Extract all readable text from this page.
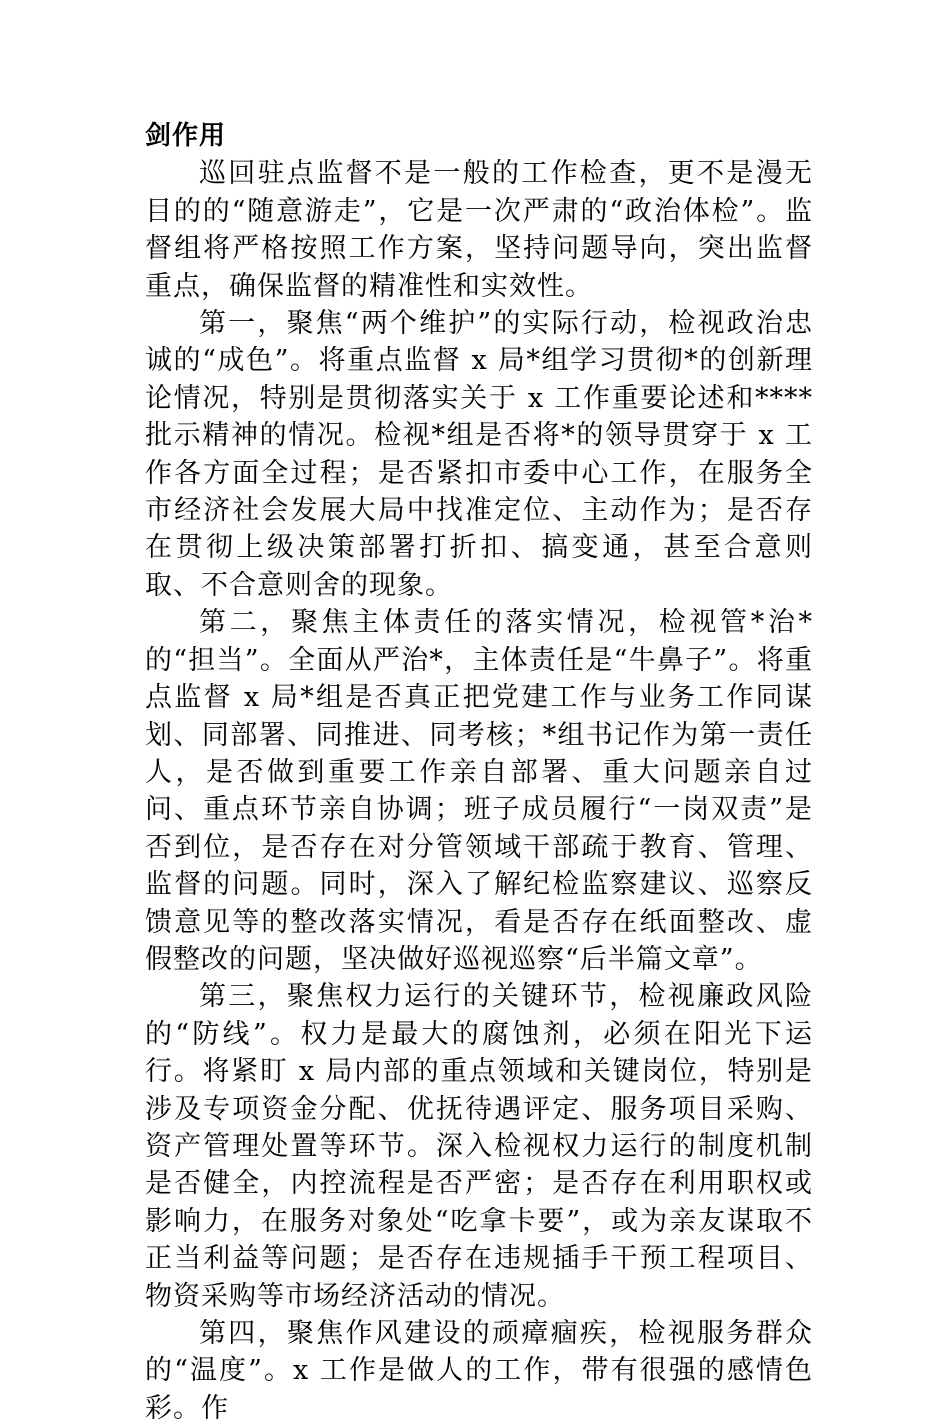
剑作用

巡回驻点监督不是一般的工作检查，更不是漫无目的的“随意游走”，它是一次严肃的“政治体检”。监督组将严格按照工作方案，坚持问题导向，突出监督重点，确保监督的精准性和实效性。

第一，聚焦“两个维护”的实际行动，检视政治忠诚的“成色”。将重点监督 x 局*组学习贯彻*的创新理论情况，特别是贯彻落实关于 x 工作重要论述和****批示精神的情况。检视*组是否将*的领导贯穿于 x 工作各方面全过程；是否紧扣市委中心工作，在服务全市经济社会发展大局中找准定位、主动作为；是否存在贯彻上级决策部署打折扣、搞变通，甚至合意则取、不合意则舍的现象。

第二，聚焦主体责任的落实情况，检视管*治*的“担当”。全面从严治*，主体责任是“牛鼻子”。将重点监督 x 局*组是否真正把党建工作与业务工作同谋划、同部署、同推进、同考核；*组书记作为第一责任人，是否做到重要工作亲自部署、重大问题亲自过问、重点环节亲自协调；班子成员履行“一岗双责”是否到位，是否存在对分管领域干部疏于教育、管理、监督的问题。同时，深入了解纪检监察建议、巡察反馈意见等的整改落实情况，看是否存在纸面整改、虚假整改的问题，坚决做好巡视巡察“后半篇文章”。

第三，聚焦权力运行的关键环节，检视廉政风险的“防线”。权力是最大的腐蚀剂，必须在阳光下运行。将紧盯 x 局内部的重点领域和关键岗位，特别是涉及专项资金分配、优抚待遇评定、服务项目采购、资产管理处置等环节。深入检视权力运行的制度机制是否健全，内控流程是否严密；是否存在利用职权或影响力，在服务对象处“吃拿卡要”，或为亲友谋取不正当利益等问题；是否存在违规插手干预工程项目、物资采购等市场经济活动的情况。

第四，聚焦作风建设的顽瘴痼疾，检视服务群众的“温度”。x 工作是做人的工作，带有很强的感情色彩。作
